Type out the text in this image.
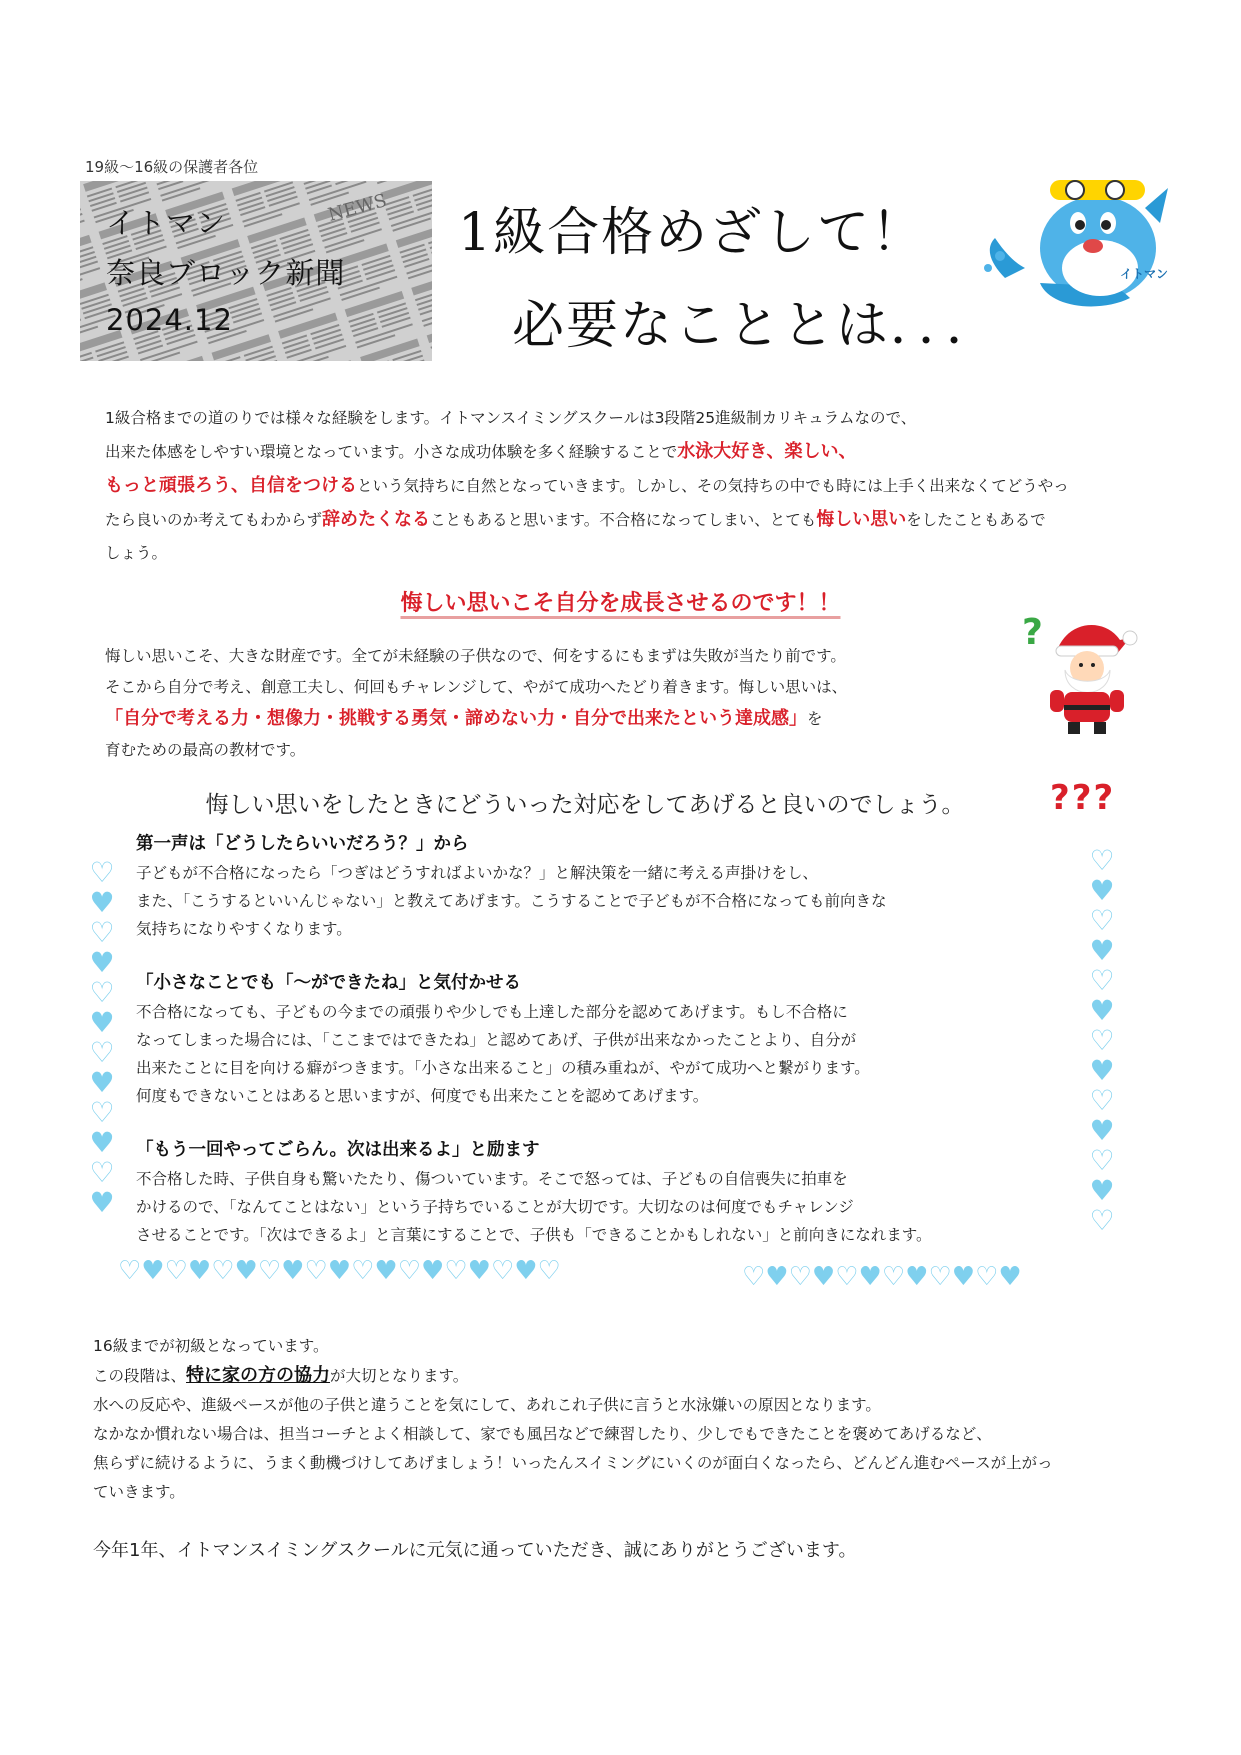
19級～16級の保護者各位
NEWS
イトマン
奈良ブロック新聞
2024.12
1級合格めざして！
必要なこととは．．．
イトマン
1級合格までの道のりでは様々な経験をします。イトマンスイミングスクールは3段階25進級制カリキュラムなので、
出来た体感をしやすい環境となっています。小さな成功体験を多く経験することで水泳大好き、楽しい、
もっと頑張ろう、自信をつけるという気持ちに自然となっていきます。しかし、その気持ちの中でも時には上手く出来なくてどうやっ
たら良いのか考えてもわからず辞めたくなることもあると思います。不合格になってしまい、とても悔しい思いをしたこともあるで
しょう。
悔しい思いこそ自分を成長させるのです！！
?
悔しい思いこそ、大きな財産です。全てが未経験の子供なので、何をするにもまずは失敗が当たり前です。
そこから自分で考え、創意工夫し、何回もチャレンジして、やがて成功へたどり着きます。悔しい思いは、
「自分で考える力・想像力・挑戦する勇気・諦めない力・自分で出来たという達成感」を
育むための最高の教材です。
悔しい思いをしたときにどういった対応をしてあげると良いのでしょう。	???
♡♥♡♥♡♥♡♥♡♥♡♥
♡♥♡♥♡♥♡♥♡♥♡♥♡
♡♥♡♥♡♥♡♥♡♥♡♥♡♥♡♥♡♥♡	♡♥♡♥♡♥♡♥♡♥♡♥
第一声は「どうしたらいいだろう？」から
子どもが不合格になったら「つぎはどうすればよいかな？」と解決策を一緒に考える声掛けをし、
また、「こうするといいんじゃない」と教えてあげます。こうすることで子どもが不合格になっても前向きな
気持ちになりやすくなります。
「小さなことでも「～ができたね」と気付かせる
不合格になっても、子どもの今までの頑張りや少しでも上達した部分を認めてあげます。もし不合格に
なってしまった場合には、「ここまではできたね」と認めてあげ、子供が出来なかったことより、自分が
出来たことに目を向ける癖がつきます。「小さな出来ること」の積み重ねが、やがて成功へと繋がります。
何度もできないことはあると思いますが、何度でも出来たことを認めてあげます。
「もう一回やってごらん。次は出来るよ」と励ます
不合格した時、子供自身も驚いたたり、傷ついています。そこで怒っては、子どもの自信喪失に拍車を
かけるので、「なんてことはない」という子持ちでいることが大切です。大切なのは何度でもチャレンジ
させることです。「次はできるよ」と言葉にすることで、子供も「できることかもしれない」と前向きになれます。
16級までが初級となっています。
この段階は、特に家の方の協力が大切となります。
水への反応や、進級ペースが他の子供と違うことを気にして、あれこれ子供に言うと水泳嫌いの原因となります。
なかなか慣れない場合は、担当コーチとよく相談して、家でも風呂などで練習したり、少しでもできたことを褒めてあげるなど、
焦らずに続けるように、うまく動機づけしてあげましょう！いったんスイミングにいくのが面白くなったら、どんどん進むペースが上がっ
ていきます。
今年1年、イトマンスイミングスクールに元気に通っていただき、誠にありがとうございます。
